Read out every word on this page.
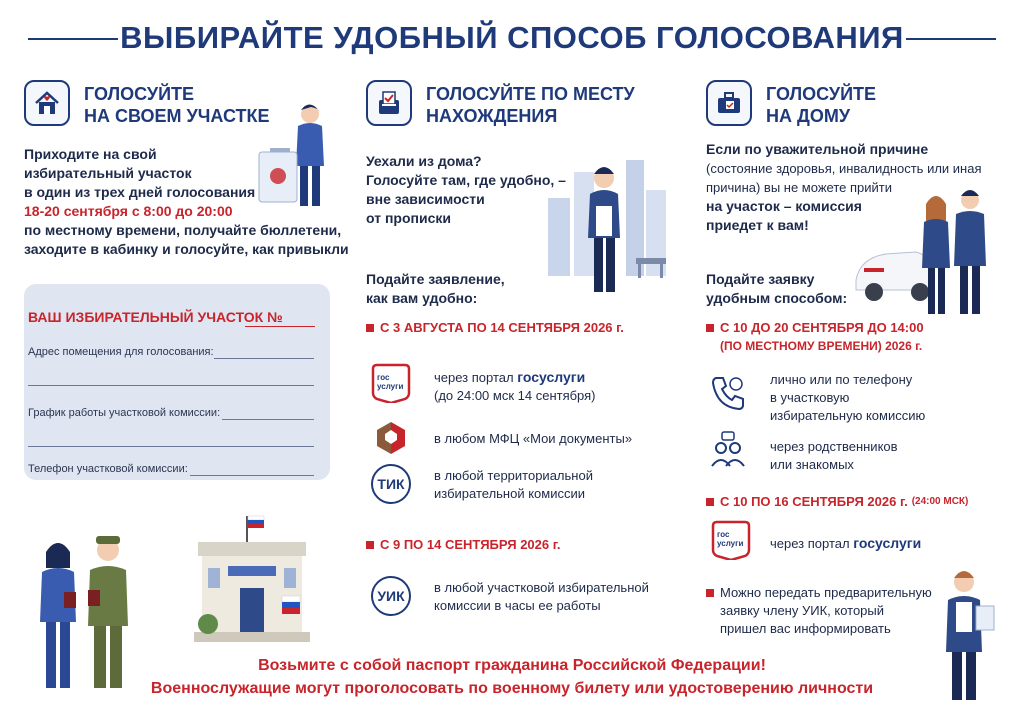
ВЫБИРАЙТЕ УДОБНЫЙ СПОСОБ ГОЛОСОВАНИЯ
ГОЛОСУЙТЕ
НА СВОЕМ УЧАСТКЕ
Приходите на свой
избирательный участок
в один из трех дней голосования
18-20 сентября с 8:00 до 20:00
по местному времени, получайте бюллетени,
заходите в кабинку и голосуйте, как привыкли
ВАШ ИЗБИРАТЕЛЬНЫЙ УЧАСТОК №
Адрес помещения для голосования:
График работы участковой комиссии:
Телефон участковой комиссии:
ГОЛОСУЙТЕ ПО МЕСТУ
НАХОЖДЕНИЯ
Уехали из дома?
Голосуйте там, где удобно, –
вне зависимости
от прописки
Подайте заявление,
как вам удобно:
С 3 АВГУСТА ПО 14 СЕНТЯБРЯ 2026 г.
гос
услуги
через портал госуслуги
(до 24:00 мск 14 сентября)
в любом МФЦ «Мои документы»
ТИК
в любой территориальной
избирательной комиссии
С 9 ПО 14 СЕНТЯБРЯ 2026 г.
УИК
в любой участковой избирательной
комиссии в часы ее работы
ГОЛОСУЙТЕ
НА ДОМУ
Если по уважительной причине
(состояние здоровья, инвалидность или иная
причина) вы не можете прийти
на участок – комиссия
приедет к вам!
Подайте заявку
удобным способом:
С 10 ДО 20 СЕНТЯБРЯ ДО 14:00
(ПО МЕСТНОМУ ВРЕМЕНИ) 2026 г.
лично или по телефону
в участковую
избирательную комиссию
через родственников
или знакомых
С 10 ПО 16 СЕНТЯБРЯ 2026 г. (24:00 МСК)
гос
услуги через портал госуслуги
Можно передать предварительную
заявку члену УИК, который
пришел вас информировать
Возьмите с собой паспорт гражданина Российской Федерации!
Военнослужащие могут проголосовать по военному билету или удостоверению личности
